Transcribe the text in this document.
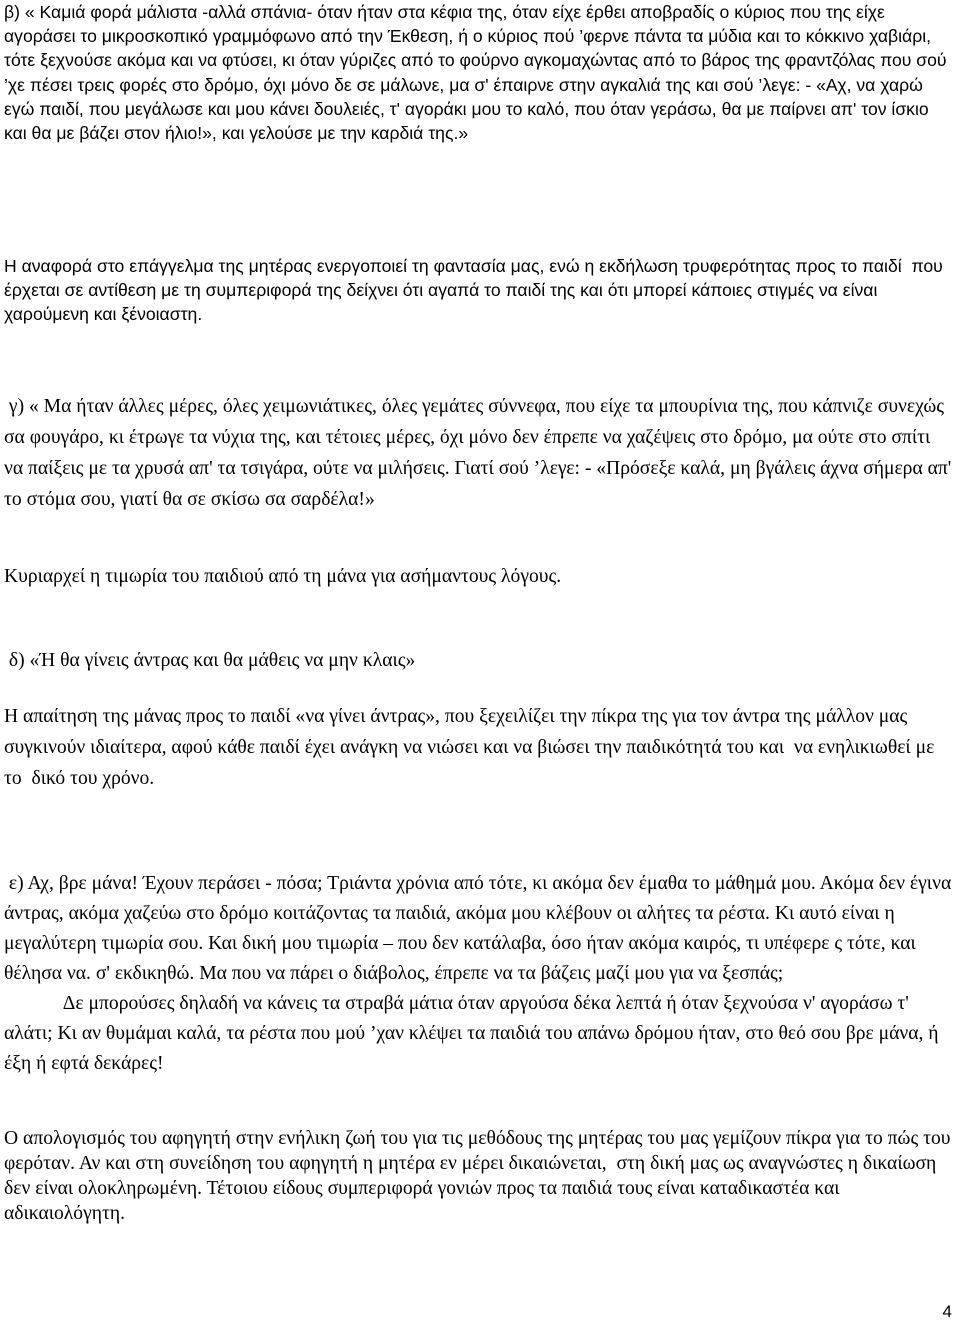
β) « Καμιά φορά μάλιστα -αλλά σπάνια- όταν ήταν στα κέφια της, όταν είχε έρθει αποβραδίς ο κύριος που της είχε αγοράσει το μικροσκοπικό γραμμόφωνο από την Έκθεση, ή ο κύριος πού ’φερνε πάντα τα μύδια και το κόκκινο χαβιάρι, τότε ξεχνούσε ακόμα και να φτύσει, κι όταν γύριζες από το φούρνο αγκομαχώντας από το βάρος της φραντζόλας που σού ’χε πέσει τρεις φορές στο δρόμο, όχι μόνο δε σε μάλωνε, μα σ' έπαιρνε στην αγκαλιά της και σού ’λεγε: - «Αχ, να χαρώ εγώ παιδί, που μεγάλωσε και μου κάνει δουλειές, τ' αγοράκι μου το καλό, που όταν γεράσω, θα με παίρνει απ' τον ίσκιο και θα με βάζει στον ήλιο!», και γελούσε με την καρδιά της.»

Η αναφορά στο επάγγελμα της μητέρας ενεργοποιεί τη φαντασία μας, ενώ η εκδήλωση τρυφερότητας προς το παιδί  που έρχεται σε αντίθεση με τη συμπεριφορά της δείχνει ότι αγαπά το παιδί της και ότι μπορεί κάποιες στιγμές να είναι χαρούμενη και ξένοιαστη.

γ) « Μα ήταν άλλες μέρες, όλες χειμωνιάτικες, όλες γεμάτες σύννεφα, που είχε τα μπουρίνια της, που κάπνιζε συνεχώς σα φουγάρο, κι έτρωγε τα νύχια της, και τέτοιες μέρες, όχι μόνο δεν έπρεπε να χαζέψεις στο δρόμο, μα ούτε στο σπίτι να παίξεις με τα χρυσά απ' τα τσιγάρα, ούτε να μιλήσεις. Γιατί σού ’λεγε: - «Πρόσεξε καλά, μη βγάλεις άχνα σήμερα απ' το στόμα σου, γιατί θα σε σκίσω σα σαρδέλα!»

Κυριαρχεί η τιμωρία του παιδιού από τη μάνα για ασήμαντους λόγους.

δ) «Ή θα γίνεις άντρας και θα μάθεις να μην κλαις»

Η απαίτηση της μάνας προς το παιδί «να γίνει άντρας», που ξεχειλίζει την πίκρα της για τον άντρα της μάλλον μας συγκινούν ιδιαίτερα, αφού κάθε παιδί έχει ανάγκη να νιώσει και να βιώσει την παιδικότητά του και  να ενηλικιωθεί με το  δικό του χρόνο.

ε) Αχ, βρε μάνα! Έχουν περάσει - πόσα; Τριάντα χρόνια από τότε, κι ακόμα δεν έμαθα το μάθημά μου. Ακόμα δεν έγινα άντρας, ακόμα χαζεύω στο δρόμο κοιτάζοντας τα παιδιά, ακόμα μου κλέβουν οι αλήτες τα ρέστα. Κι αυτό είναι η μεγαλύτερη τιμωρία σου. Και δική μου τιμωρία – που δεν κατάλαβα, όσο ήταν ακόμα καιρός, τι υπέφερε ς τότε, και θέλησα να. σ' εκδικηθώ. Μα που να πάρει ο διάβολος, έπρεπε να τα βάζεις μαζί μου για να ξεσπάς;
Δε μπορούσες δηλαδή να κάνεις τα στραβά μάτια όταν αργούσα δέκα λεπτά ή όταν ξεχνούσα ν' αγοράσω τ' αλάτι; Κι αν θυμάμαι καλά, τα ρέστα που μού ’χαν κλέψει τα παιδιά του απάνω δρόμου ήταν, στο θεό σου βρε μάνα, ή έξη ή εφτά δεκάρες!

Ο απολογισμός του αφηγητή στην ενήλικη ζωή του για τις μεθόδους της μητέρας του μας γεμίζουν πίκρα για το πώς του φερόταν. Αν και στη συνείδηση του αφηγητή η μητέρα εν μέρει δικαιώνεται,  στη δική μας ως αναγνώστες η δικαίωση δεν είναι ολοκληρωμένη. Τέτοιου είδους συμπεριφορά γονιών προς τα παιδιά τους είναι καταδικαστέα και αδικαιολόγητη.

4
